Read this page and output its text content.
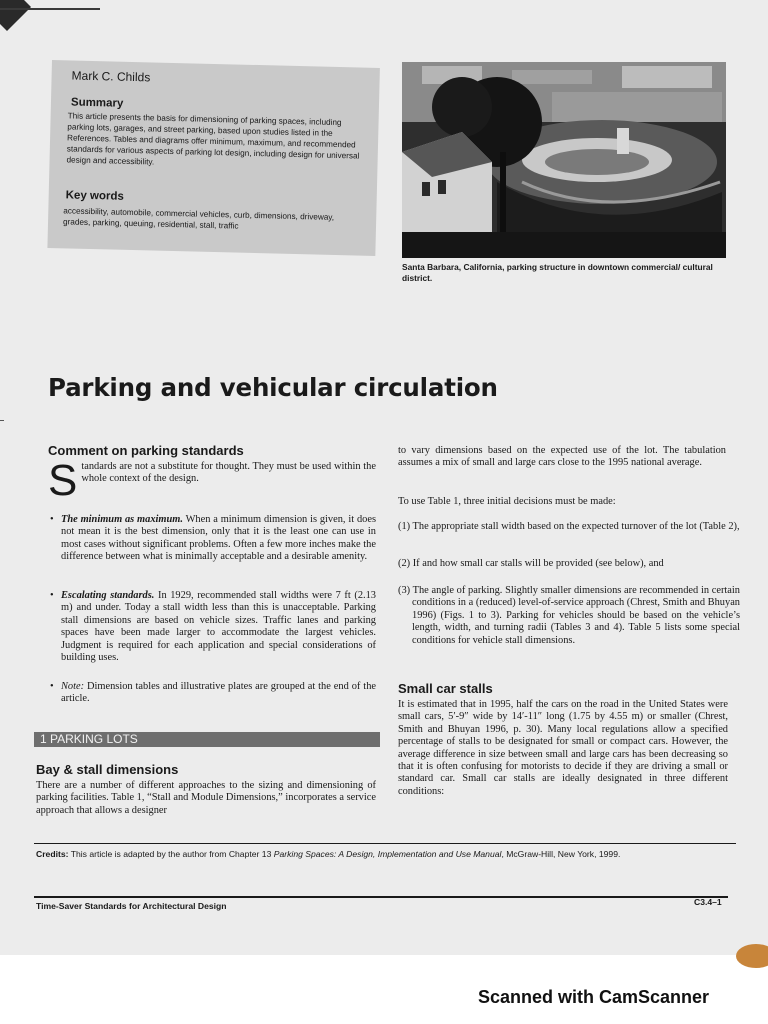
Mark C. Childs
Summary
This article presents the basis for dimensioning of parking spaces, including parking lots, garages, and street parking, based upon studies listed in the References. Tables and diagrams offer minimum, maximum, and recommended standards for various aspects of parking lot design, including design for universal design and accessibility.
Key words
accessibility, automobile, commercial vehicles, curb, dimensions, driveway, grades, parking, queuing, residential, stall, traffic
Santa Barbara, California, parking structure in downtown commercial/ cultural district.
Parking and vehicular circulation
Comment on parking standards
Standards are not a substitute for thought. They must be used within the whole context of the design.
• The minimum as maximum. When a minimum dimension is given, it does not mean it is the best dimension, only that it is the least one can use in most cases without significant problems. Often a few more inches make the difference between what is minimally acceptable and a desirable amenity.
• Escalating standards. In 1929, recommended stall widths were 7 ft (2.13 m) and under. Today a stall width less than this is unacceptable. Parking stall dimensions are based on vehicle sizes. Traffic lanes and parking spaces have been made larger to accommodate the largest vehicles. Judgment is required for each application and special considerations of building uses.
• Note: Dimension tables and illustrative plates are grouped at the end of the article.
1 PARKING LOTS
Bay & stall dimensions
There are a number of different approaches to the sizing and dimensioning of parking facilities. Table 1, “Stall and Module Dimensions,” incorporates a service approach that allows a designer
to vary dimensions based on the expected use of the lot. The tabulation assumes a mix of small and large cars close to the 1995 national average.
To use Table 1, three initial decisions must be made:
(1) The appropriate stall width based on the expected turnover of the lot (Table 2),
(2) If and how small car stalls will be provided (see below), and
(3) The angle of parking. Slightly smaller dimensions are recommended in certain conditions in a (reduced) level-of-service approach (Chrest, Smith and Bhuyan 1996) (Figs. 1 to 3). Parking for vehicles should be based on the vehicle’s length, width, and turning radii (Tables 3 and 4). Table 5 lists some special conditions for vehicle stall dimensions.
Small car stalls
It is estimated that in 1995, half the cars on the road in the United States were small cars, 5′-9″ wide by 14′-11″ long (1.75 by 4.55 m) or smaller (Chrest, Smith and Bhuyan 1996, p. 30). Many local regulations allow a specified percentage of stalls to be designated for small or compact cars. However, the average difference in size between small and large cars has been decreasing so that it is often confusing for motorists to decide if they are driving a small or standard car. Small car stalls are ideally designated in three different conditions:
Credits: This article is adapted by the author from Chapter 13 Parking Spaces: A Design, Implementation and Use Manual, McGraw-Hill, New York, 1999.
Time-Saver Standards for Architectural Design	C3.4–1
Scanned with CamScanner
